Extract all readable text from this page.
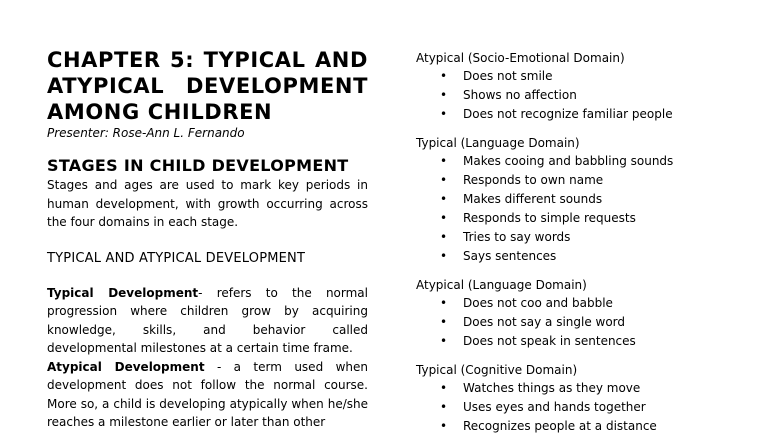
CHAPTER 5: TYPICAL AND ATYPICAL DEVELOPMENT AMONG CHILDREN

Presenter: Rose-Ann L. Fernando

STAGES IN CHILD DEVELOPMENT

Stages and ages are used to mark key periods in human development, with growth occurring across the four domains in each stage.

TYPICAL AND ATYPICAL DEVELOPMENT

Typical Development- refers to the normal progression where children grow by acquiring knowledge, skills, and behavior called developmental milestones at a certain time frame.

Atypical Development - a term used when development does not follow the normal course. More so, a child is developing atypically when he/she reaches a milestone earlier or later than other

Atypical (Socio-Emotional Domain)

• Does not smile
• Shows no affection
• Does not recognize familiar people

Typical (Language Domain)

• Makes cooing and babbling sounds
• Responds to own name
• Makes different sounds
• Responds to simple requests
• Tries to say words
• Says sentences

Atypical (Language Domain)

• Does not coo and babble
• Does not say a single word
• Does not speak in sentences

Typical (Cognitive Domain)

• Watches things as they move
• Uses eyes and hands together
• Recognizes people at a distance
